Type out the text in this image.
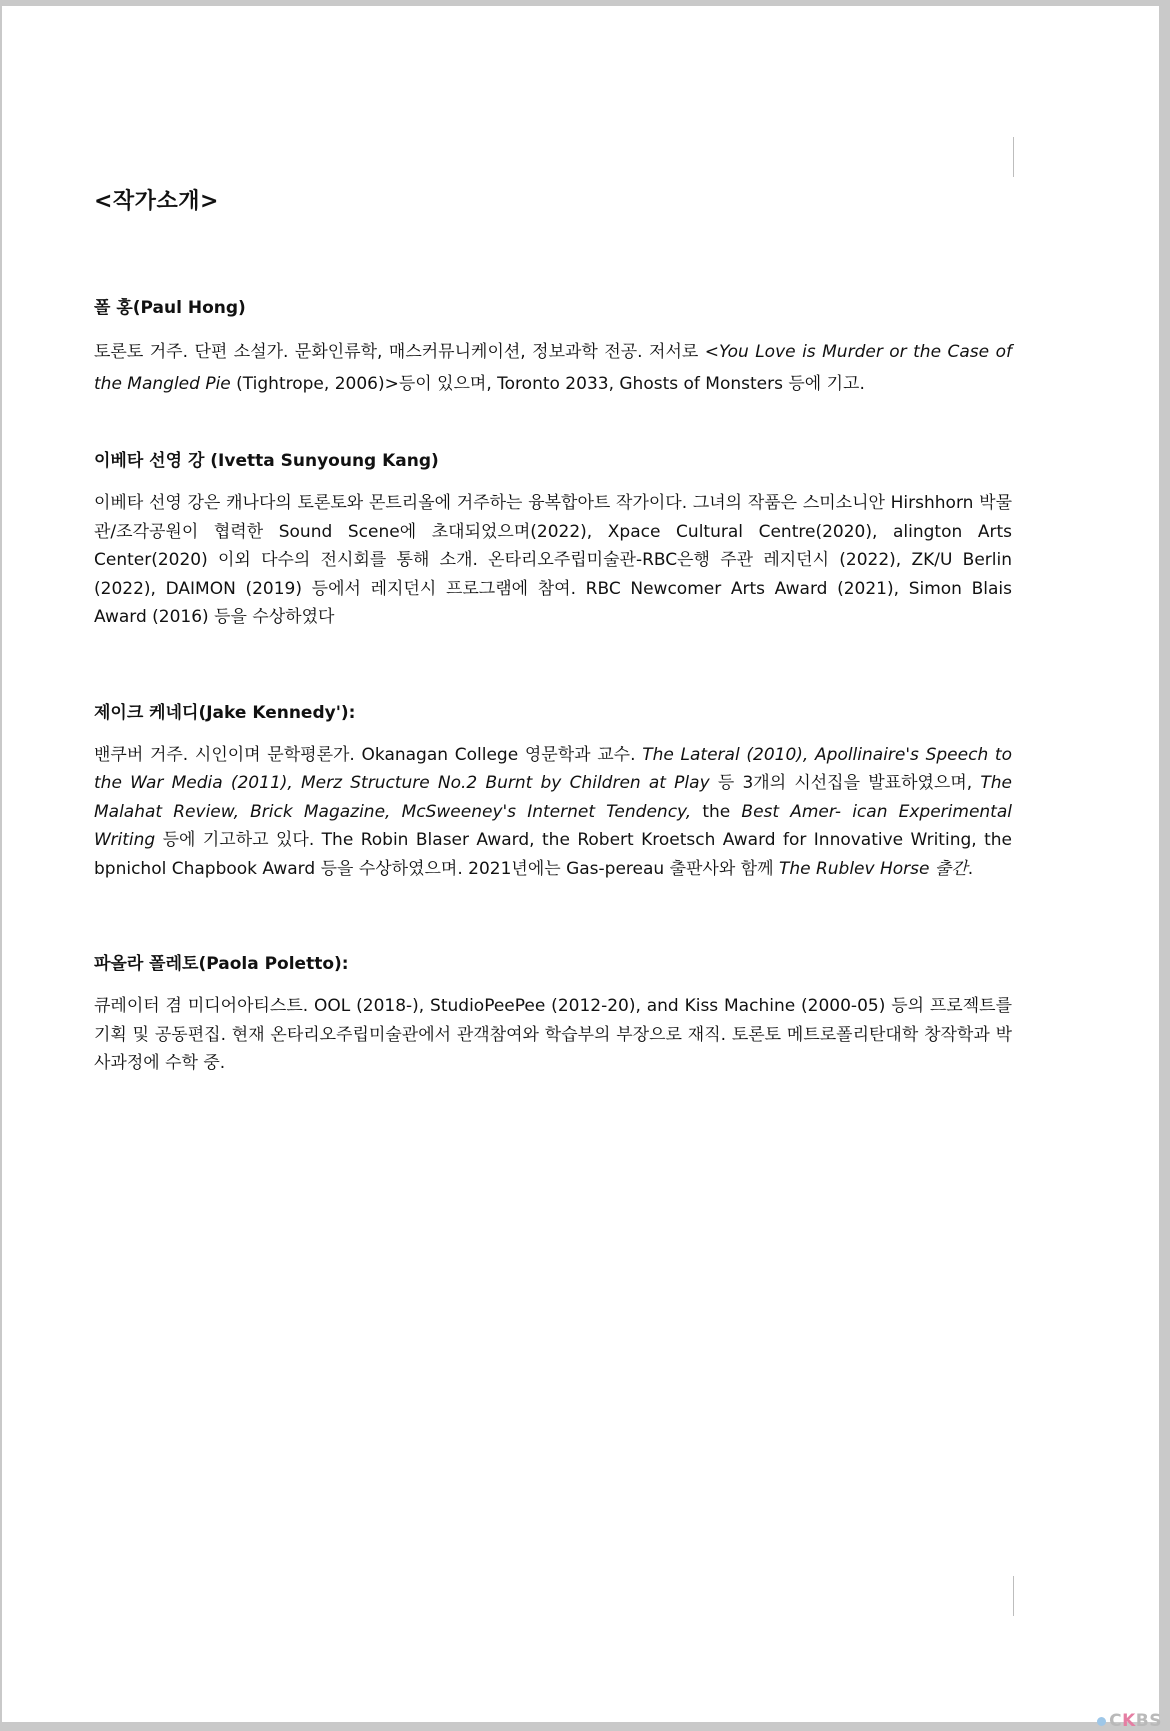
<작가소개>
폴 홍(Paul Hong)

토론토 거주. 단편 소설가. 문화인류학, 매스커뮤니케이션, 정보과학 전공. 저서로 <You Love is Murder or the Case of the Mangled Pie (Tightrope, 2006)>등이 있으며, Toronto 2033, Ghosts of Monsters 등에 기고.

이베타 선영 강 (Ivetta Sunyoung Kang)

이베타 선영 강은 캐나다의 토론토와 몬트리올에 거주하는 융복합아트 작가이다. 그녀의 작품은 스미소니안 Hirshhorn 박물관/조각공원이 협력한 Sound Scene에 초대되었으며(2022), Xpace Cultural Centre(2020), alington Arts Center(2020) 이외 다수의 전시회를 통해 소개. 온타리오주립미술관-RBC은행 주관 레지던시 (2022), ZK/U Berlin (2022), DAIMON (2019) 등에서 레지던시 프로그램에 참여. RBC Newcomer Arts Award (2021), Simon Blais Award (2016) 등을 수상하였다

제이크 케네디(Jake Kennedy'):

밴쿠버 거주. 시인이며 문학평론가. Okanagan College 영문학과 교수. The Lateral (2010), Apollinaire's Speech to the War Media (2011), Merz Structure No.2 Burnt by Children at Play 등 3개의 시선집을 발표하였으며, The Malahat Review, Brick Magazine, McSweeney's Internet Tendency, the Best Amer- ican Experimental Writing 등에 기고하고 있다. The Robin Blaser Award, the Robert Kroetsch Award for Innovative Writing, the bpnichol Chapbook Award 등을 수상하였으며. 2021년에는 Gas-pereau 출판사와 함께 The Rublev Horse 출간.

파올라 폴레토(Paola Poletto):

큐레이터 겸 미디어아티스트. OOL (2018-), StudioPeePee (2012-20), and Kiss Machine (2000-05) 등의 프로젝트를 기획 및 공동편집. 현재 온타리오주립미술관에서 관객참여와 학습부의 부장으로 재직. 토론토 메트로폴리탄대학 창작학과 박사과정에 수학 중.

CKBS
